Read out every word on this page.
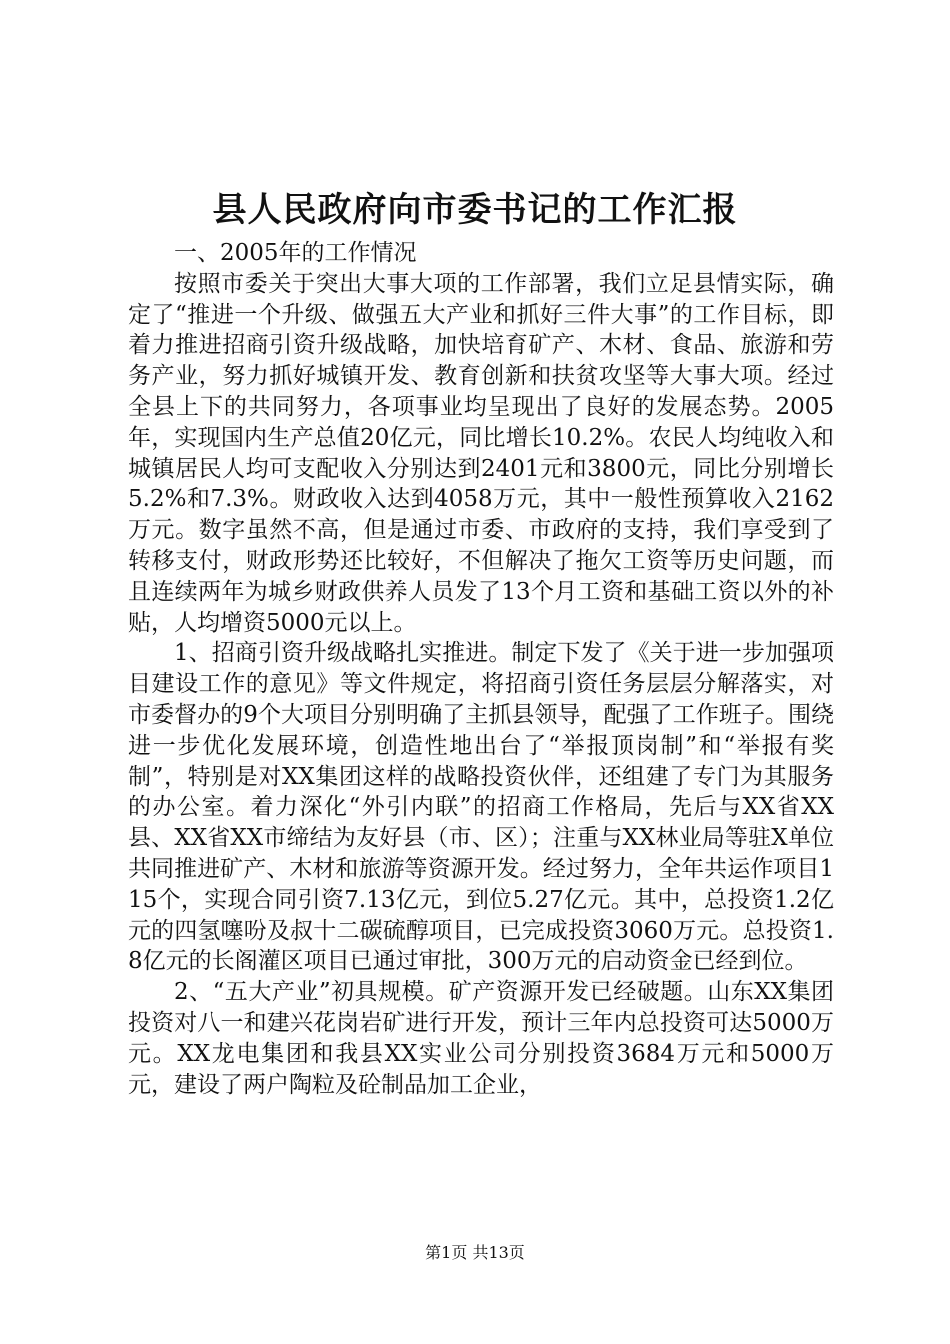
县人民政府向市委书记的工作汇报

一、2005年的工作情况

按照市委关于突出大事大项的工作部署，我们立足县情实际，确定了“推进一个升级、做强五大产业和抓好三件大事”的工作目标，即着力推进招商引资升级战略，加快培育矿产、木材、食品、旅游和劳务产业，努力抓好城镇开发、教育创新和扶贫攻坚等大事大项。经过全县上下的共同努力，各项事业均呈现出了良好的发展态势。2005年，实现国内生产总值20亿元，同比增长10.2%。农民人均纯收入和城镇居民人均可支配收入分别达到2401元和3800元，同比分别增长5.2%和7.3%。财政收入达到4058万元，其中一般性预算收入2162万元。数字虽然不高，但是通过市委、市政府的支持，我们享受到了转移支付，财政形势还比较好，不但解决了拖欠工资等历史问题，而且连续两年为城乡财政供养人员发了13个月工资和基础工资以外的补贴，人均增资5000元以上。

1、招商引资升级战略扎实推进。制定下发了《关于进一步加强项目建设工作的意见》等文件规定，将招商引资任务层层分解落实，对市委督办的9个大项目分别明确了主抓县领导，配强了工作班子。围绕进一步优化发展环境，创造性地出台了“举报顶岗制”和“举报有奖制”，特别是对XX集团这样的战略投资伙伴，还组建了专门为其服务的办公室。着力深化“外引内联”的招商工作格局，先后与XX省XX县、XX省XX市缔结为友好县（市、区）；注重与XX林业局等驻X单位共同推进矿产、木材和旅游等资源开发。经过努力，全年共运作项目115个，实现合同引资7.13亿元，到位5.27亿元。其中，总投资1.2亿元的四氢噻吩及叔十二碳硫醇项目，已完成投资3060万元。总投资1.8亿元的长阁灌区项目已通过审批，300万元的启动资金已经到位。

2、“五大产业”初具规模。矿产资源开发已经破题。山东XX集团投资对八一和建兴花岗岩矿进行开发，预计三年内总投资可达5000万元。XX龙电集团和我县XX实业公司分别投资3684万元和5000万元，建设了两户陶粒及砼制品加工企业，

第1页 共13页
